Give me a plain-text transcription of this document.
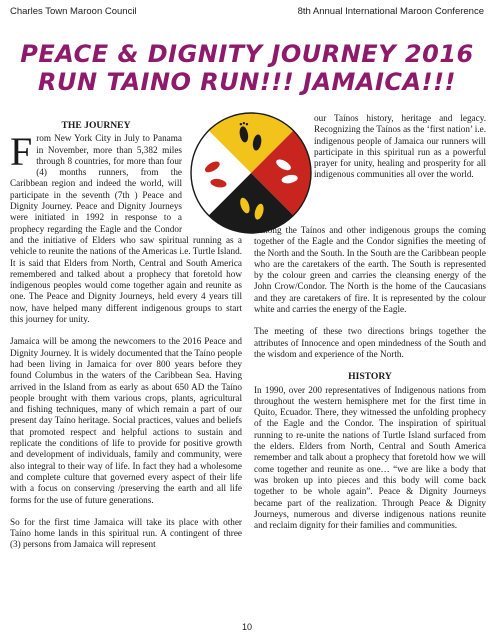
Charles Town Maroon Council	8th Annual International Maroon Conference
PEACE & DIGNITY JOURNEY 2016
RUN TAINO RUN!!! JAMAICA!!!
THE JOURNEY

From New York City in July to Panama in November, more than 5,382 miles through 8 countries, for more than four (4) months runners, from the Caribbean region and indeed the world, will participate in the seventh (7th ) Peace and Dignity Journey. Peace and Dignity Journeys were initiated in 1992 in response to a prophecy regarding the Eagle and the Condor and the initiative of Elders who saw spiritual running as a vehicle to reunite the nations of the Americas i.e. Turtle Island. It is said that Elders from North, Central and South America remembered and talked about a prophecy that foretold how indigenous peoples would come together again and reunite as one. The Peace and Dignity Journeys, held every 4 years till now, have helped many different indigenous groups to start this journey for unity.

Jamaica will be among the newcomers to the 2016 Peace and Dignity Journey. It is widely documented that the Taíno people had been living in Jamaica for over 800 years before they found Columbus in the waters of the Caribbean Sea. Having arrived in the Island from as early as about 650 AD the Taíno people brought with them various crops, plants, agricultural and fishing techniques, many of which remain a part of our present day Taíno heritage. Social practices, values and beliefs that promoted respect and helpful actions to sustain and replicate the conditions of life to provide for positive growth and development of individuals, family and community, were also integral to their way of life. In fact they had a wholesome and complete culture that governed every aspect of their life with a focus on conserving /preserving the earth and all life forms for the use of future generations.

So for the first time Jamaica will take its place with other Taíno home lands in this spiritual run. A contingent of three (3) persons from Jamaica will represent

our Taínos history, heritage and legacy. Recognizing the Taínos as the ‘first nation’ i.e. indigenous people of Jamaica our runners will participate in this spiritual run as a powerful prayer for unity, healing and prosperity for all indigenous communities all over the world.

Among the Taínos and other indigenous groups the coming together of the Eagle and the Condor signifies the meeting of the North and the South. In the South are the Caribbean people who are the caretakers of the earth. The South is represented by the colour green and carries the cleansing energy of the John Crow/Condor. The North is the home of the Caucasians and they are caretakers of fire. It is represented by the colour white and carries the energy of the Eagle.

The meeting of these two directions brings together the attributes of Innocence and open mindedness of the South and the wisdom and experience of the North.

HISTORY

In 1990, over 200 representatives of Indigenous nations from throughout the western hemisphere met for the first time in Quito, Ecuador. There, they witnessed the unfolding prophecy of the Eagle and the Condor. The inspiration of spiritual running to re-unite the nations of Turtle Island surfaced from the elders. Elders from North, Central and South America remember and talk about a prophecy that foretold how we will come together and reunite as one… “we are like a body that was broken up into pieces and this body will come back together to be whole again”. Peace & Dignity Journeys became part of the realization. Through Peace & Dignity Journeys, numerous and diverse indigenous nations reunite and reclaim dignity for their families and communities.

10
